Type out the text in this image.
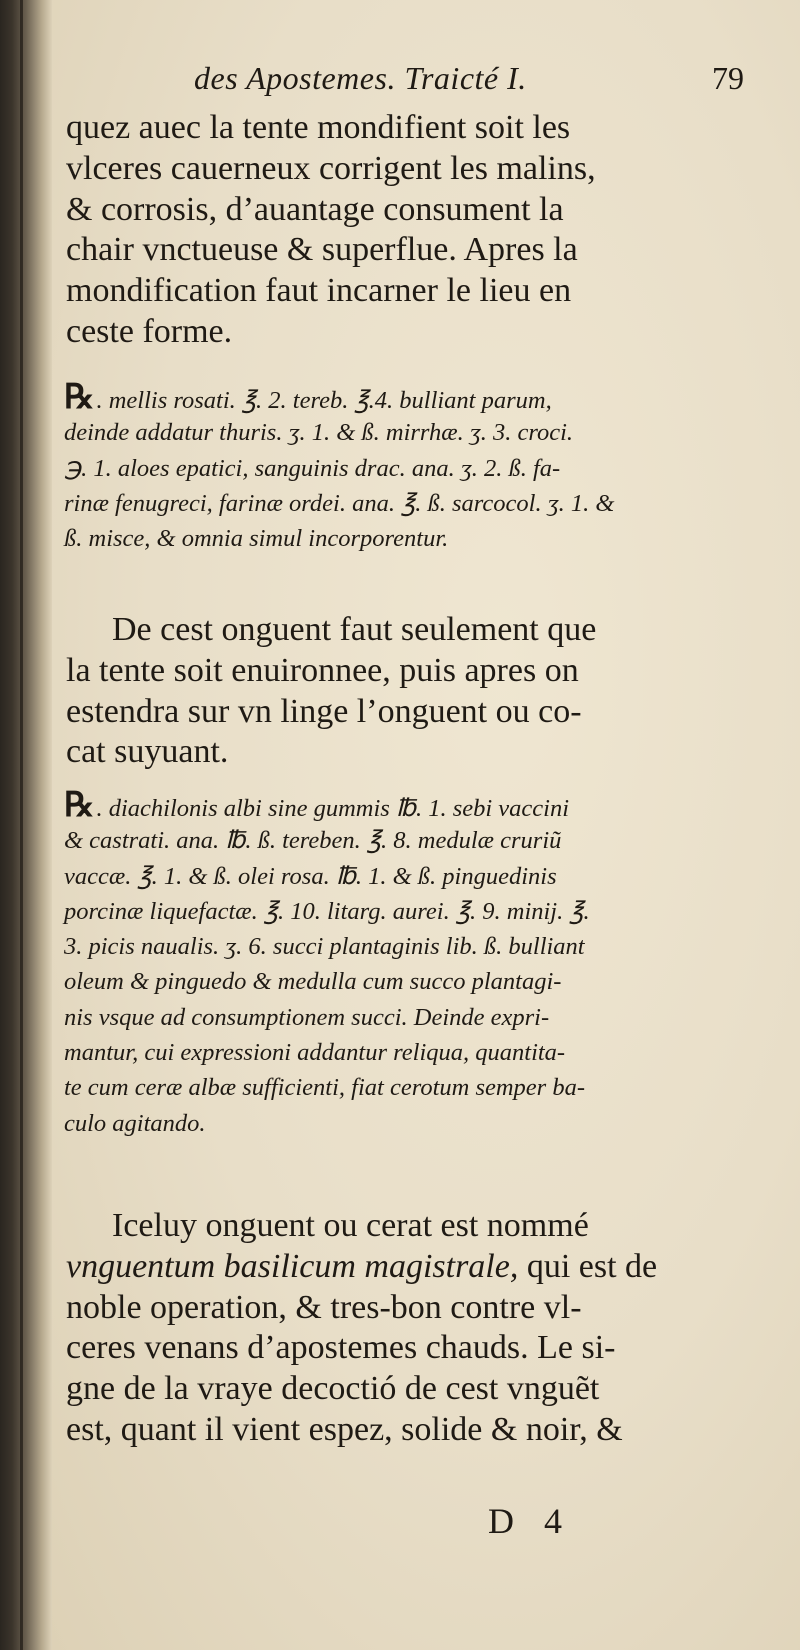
des Apostemes. Traicté I.	79
quez auec la tente mondifient soit les
vlceres cauerneux corrigent les malins,
& corrosis, d’auantage consument la
chair vnctueuse & superflue. Apres la
mondification faut incarner le lieu en
ceste forme.
℞. mellis rosati. ℥. 2. tereb. ℥.4. bulliant parum,
deinde addatur thuris. ʒ. 1. & ß. mirrhæ. ʒ. 3. croci.
℈. 1. aloes epatici, sanguinis drac. ana. ʒ. 2. ß. fa-
rinæ fenugreci, farinæ ordei. ana. ℥. ß. sarcocol. ʒ. 1. &
ß. misce, & omnia simul incorporentur.
De cest onguent faut seulement que
la tente soit enuironnee, puis apres on
estendra sur vn linge l’onguent ou co-
cat suyuant.
℞. diachilonis albi sine gummis ℔. 1. sebi vaccini
& castrati. ana. ℔. ß. tereben. ℥. 8. medulæ cruriũ
vaccæ. ℥. 1. & ß. olei rosa. ℔. 1. & ß. pinguedinis
porcinæ liquefactæ. ℥. 10. litarg. aurei. ℥. 9. minij. ℥.
3. picis naualis. ʒ. 6. succi plantaginis lib. ß. bulliant
oleum & pinguedo & medulla cum succo plantagi-
nis vsque ad consumptionem succi. Deinde expri-
mantur, cui expressioni addantur reliqua, quantita-
te cum ceræ albæ sufficienti, fiat cerotum semper ba-
culo agitando.
Iceluy onguent ou cerat est nommé
vnguentum basilicum magistrale, qui est de
noble operation, & tres-bon contre vl-
ceres venans d’apostemes chauds. Le si-
gne de la vraye decoctió de cest vnguẽt
est, quant il vient espez, solide & noir, &
D 4
